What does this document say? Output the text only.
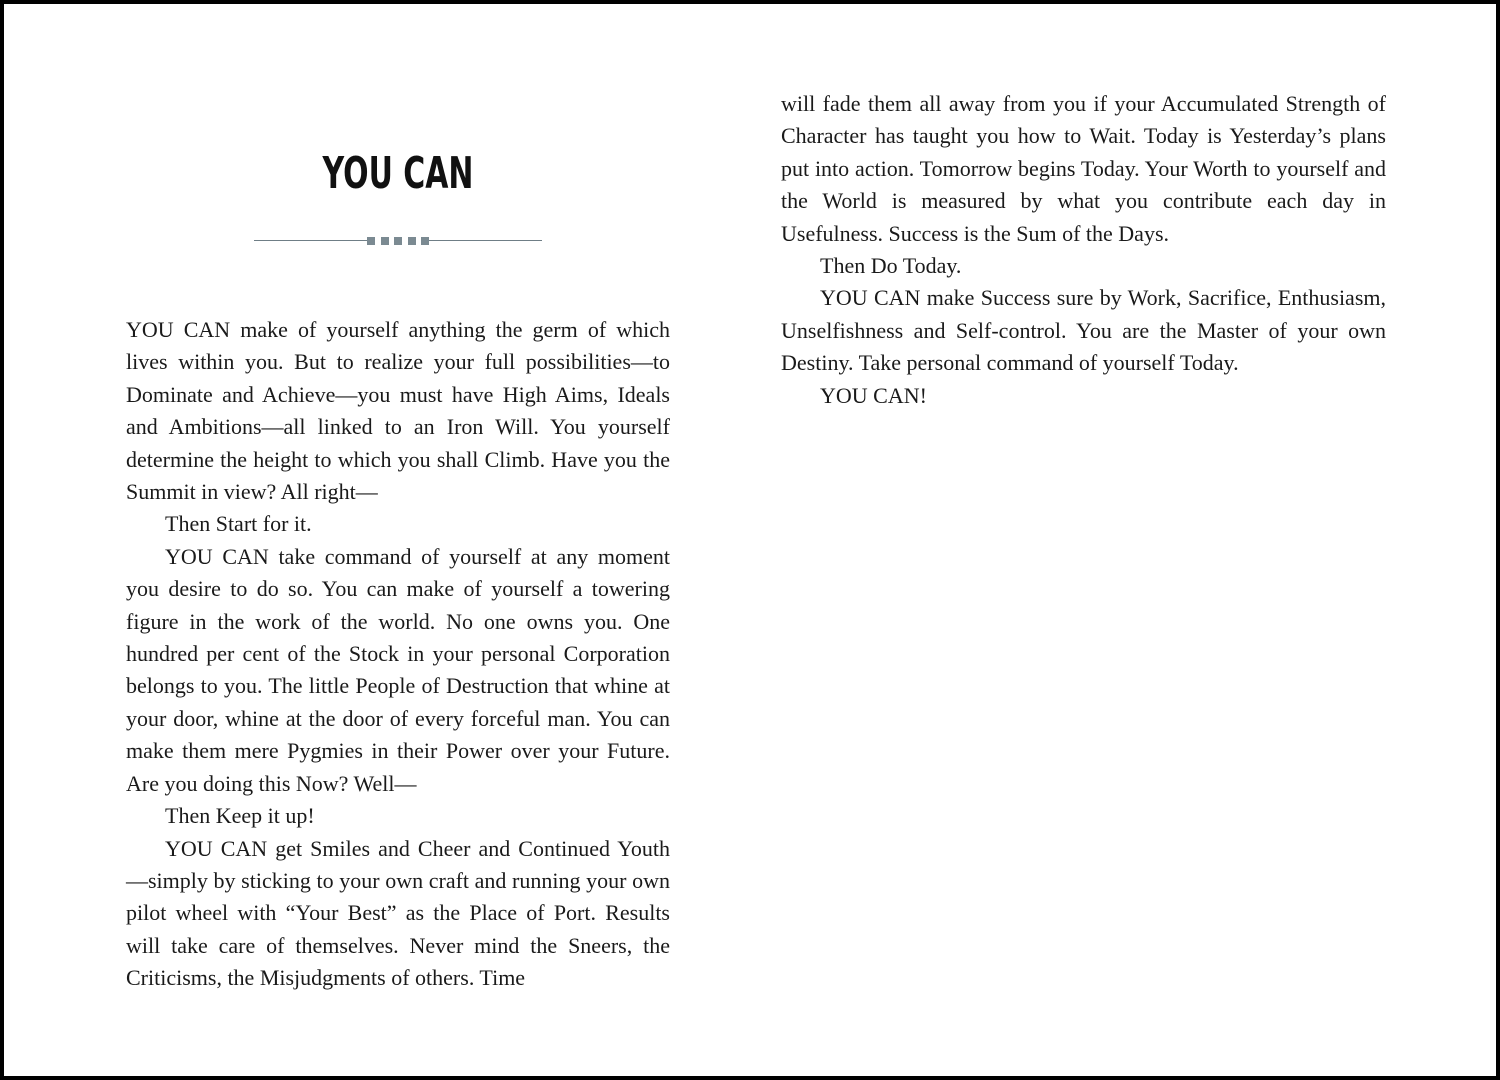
YOU CAN

YOU CAN make of yourself anything the germ of which lives within you. But to realize your full possibilities—to Dominate and Achieve—you must have High Aims, Ideals and Ambitions—all linked to an Iron Will. You yourself determine the height to which you shall Climb. Have you the Summit in view? All right—

Then Start for it.

YOU CAN take command of yourself at any moment you desire to do so. You can make of yourself a towering figure in the work of the world. No one owns you. One hundred per cent of the Stock in your personal Corporation belongs to you. The little People of Destruction that whine at your door, whine at the door of every forceful man. You can make them mere Pygmies in their Power over your Future. Are you doing this Now? Well—

Then Keep it up!

YOU CAN get Smiles and Cheer and Continued Youth—simply by sticking to your own craft and running your own pilot wheel with “Your Best” as the Place of Port. Results will take care of themselves. Never mind the Sneers, the Criticisms, the Misjudgments of others. Time

will fade them all away from you if your Accumulated Strength of Character has taught you how to Wait. Today is Yesterday’s plans put into action. Tomorrow begins Today. Your Worth to yourself and the World is measured by what you contribute each day in Usefulness. Success is the Sum of the Days.

Then Do Today.

YOU CAN make Success sure by Work, Sacrifice, Enthusiasm, Unselfishness and Self-control. You are the Master of your own Destiny. Take personal command of yourself Today.

YOU CAN!
